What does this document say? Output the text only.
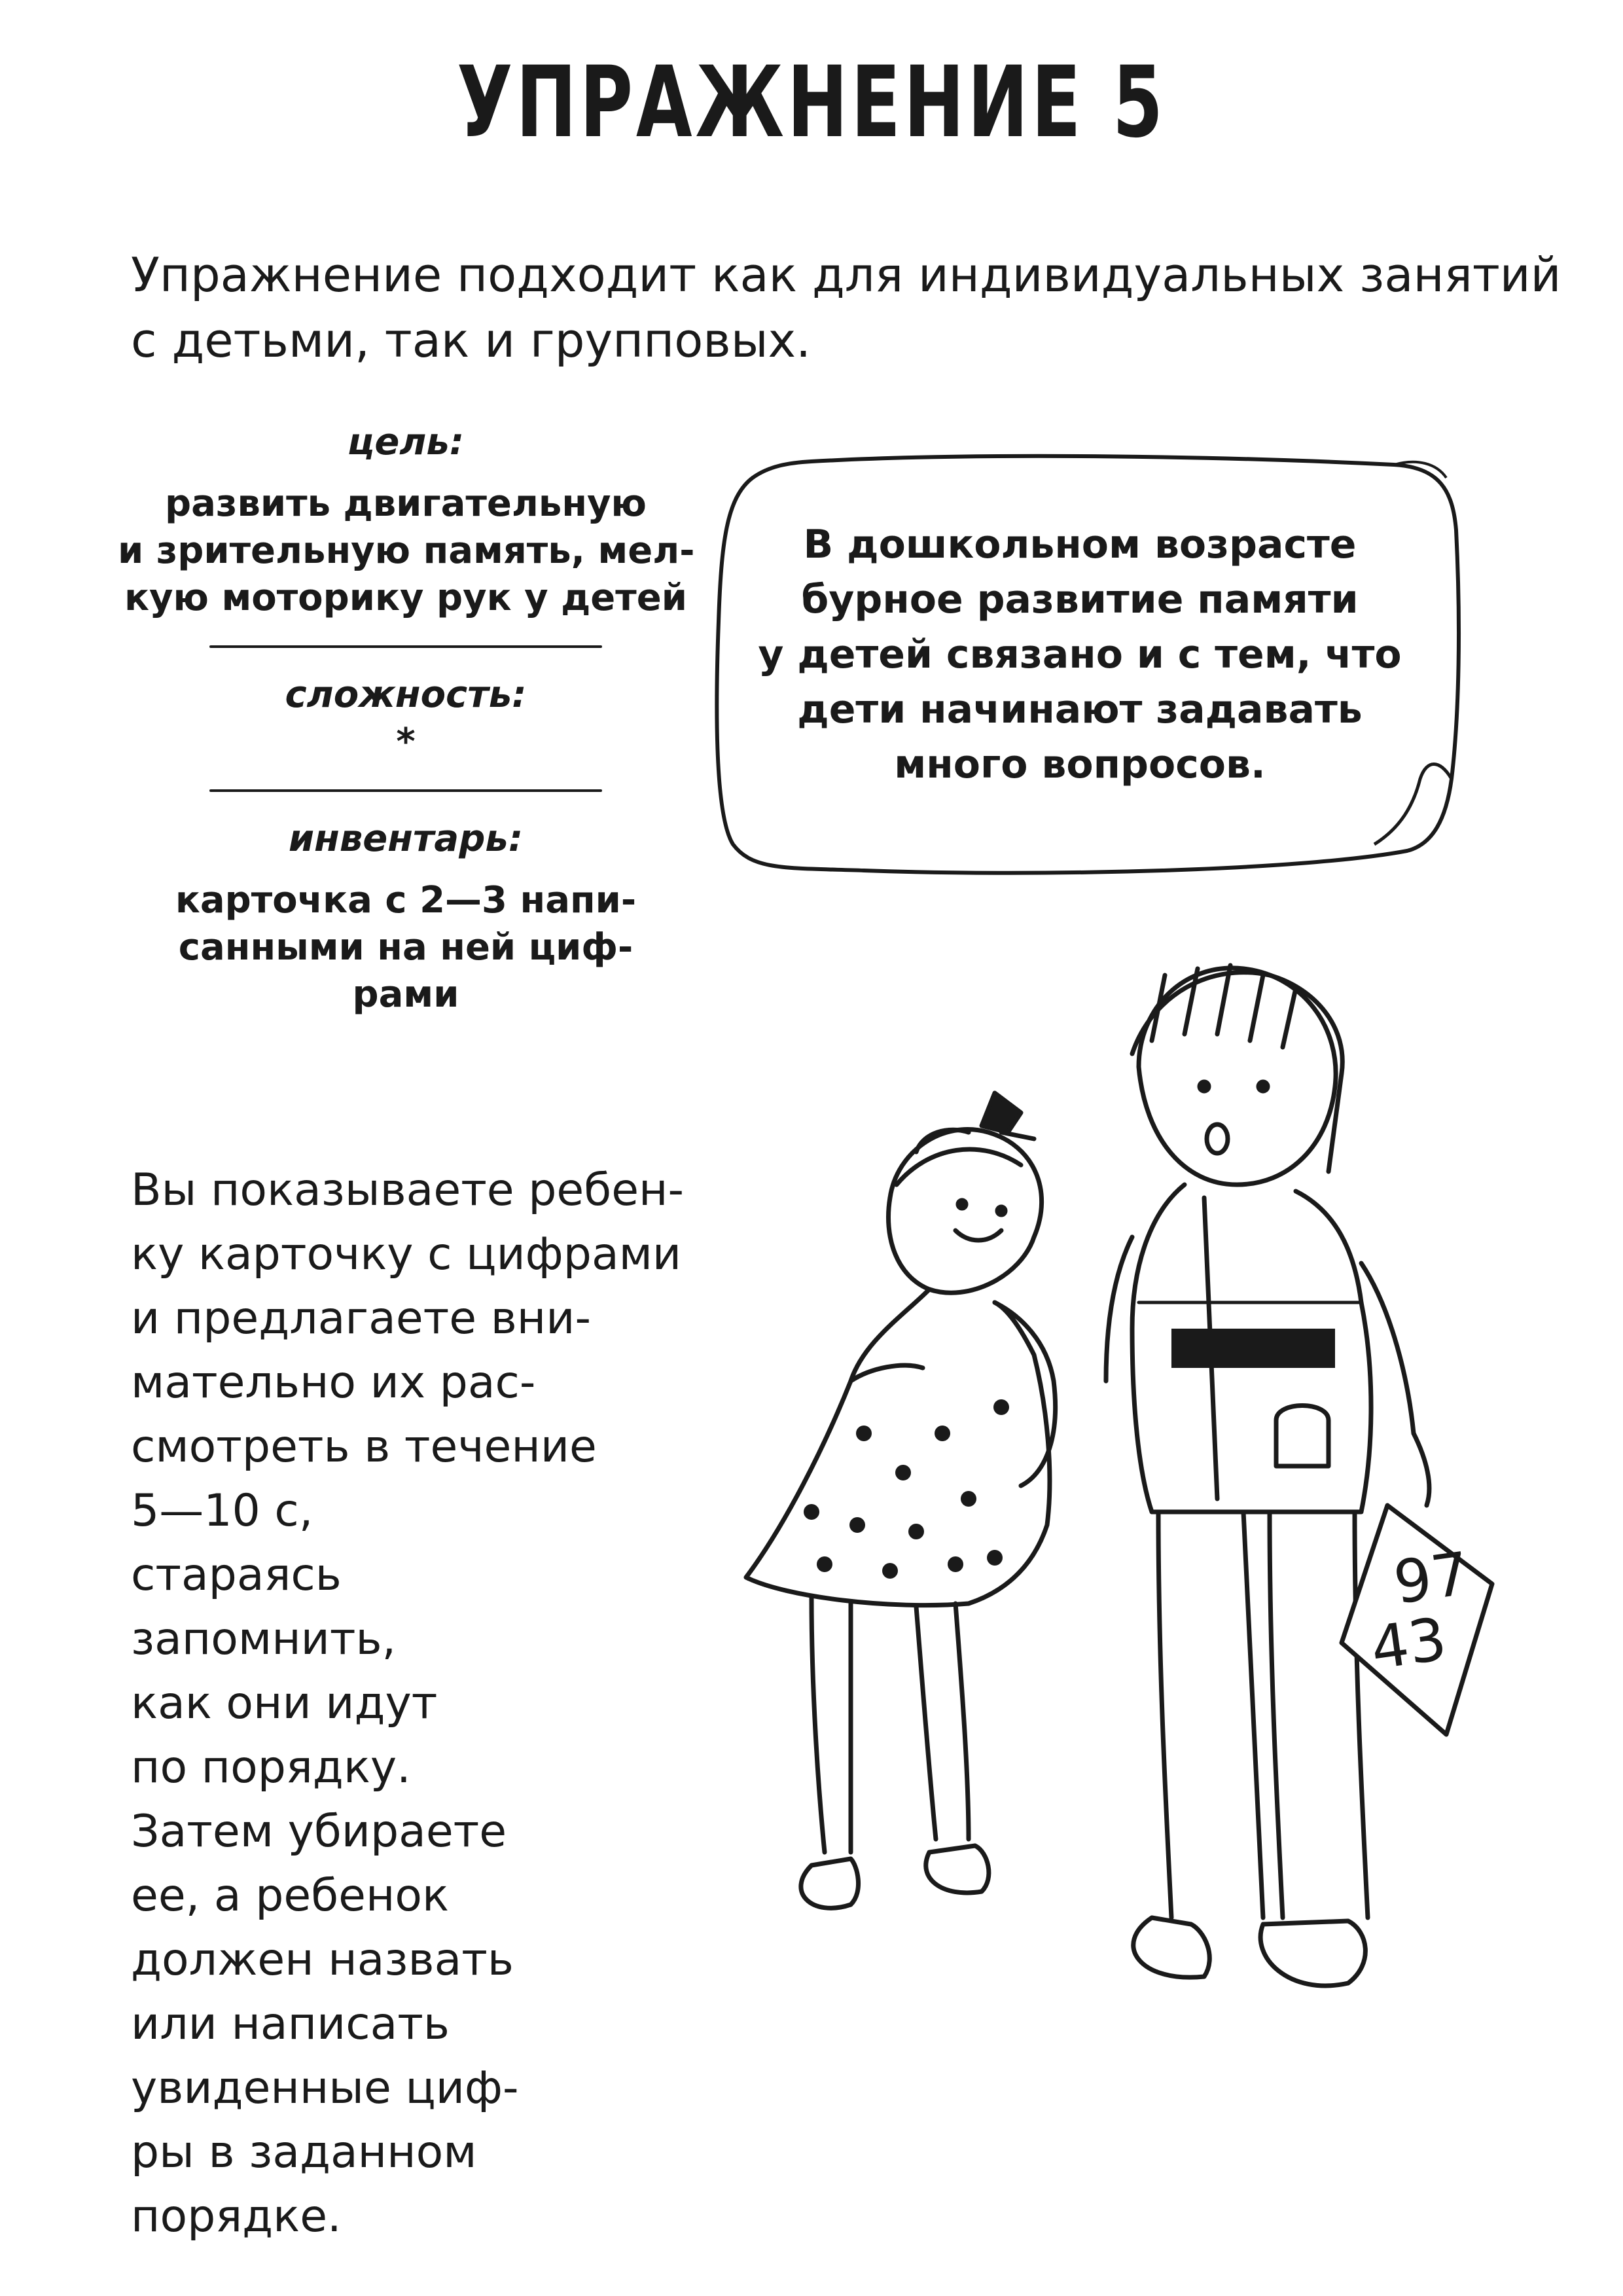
УПРАЖНЕНИЕ 5
Упражнение подходит как для индивидуальных занятий
с детьми, так и групповых.
цель:
развить двигательную
и зрительную память, мел-
кую моторику рук у детей
сложность:
*
инвентарь:
карточка с 2—3 напи-
санными на ней циф-
рами
В дошкольном возрасте
бурное развитие памяти
у детей связано и с тем, что
дети начинают задавать
много вопросов.
Вы показываете ребен-
ку карточку с цифрами
и предлагаете вни-
мательно их рас-
смотреть в течение
5—10 с,
стараясь
запомнить,
как они идут
по порядку.
Затем убираете
ее, а ребенок
должен назвать
или написать
увиденные циф-
ры в заданном
порядке.
97
43
